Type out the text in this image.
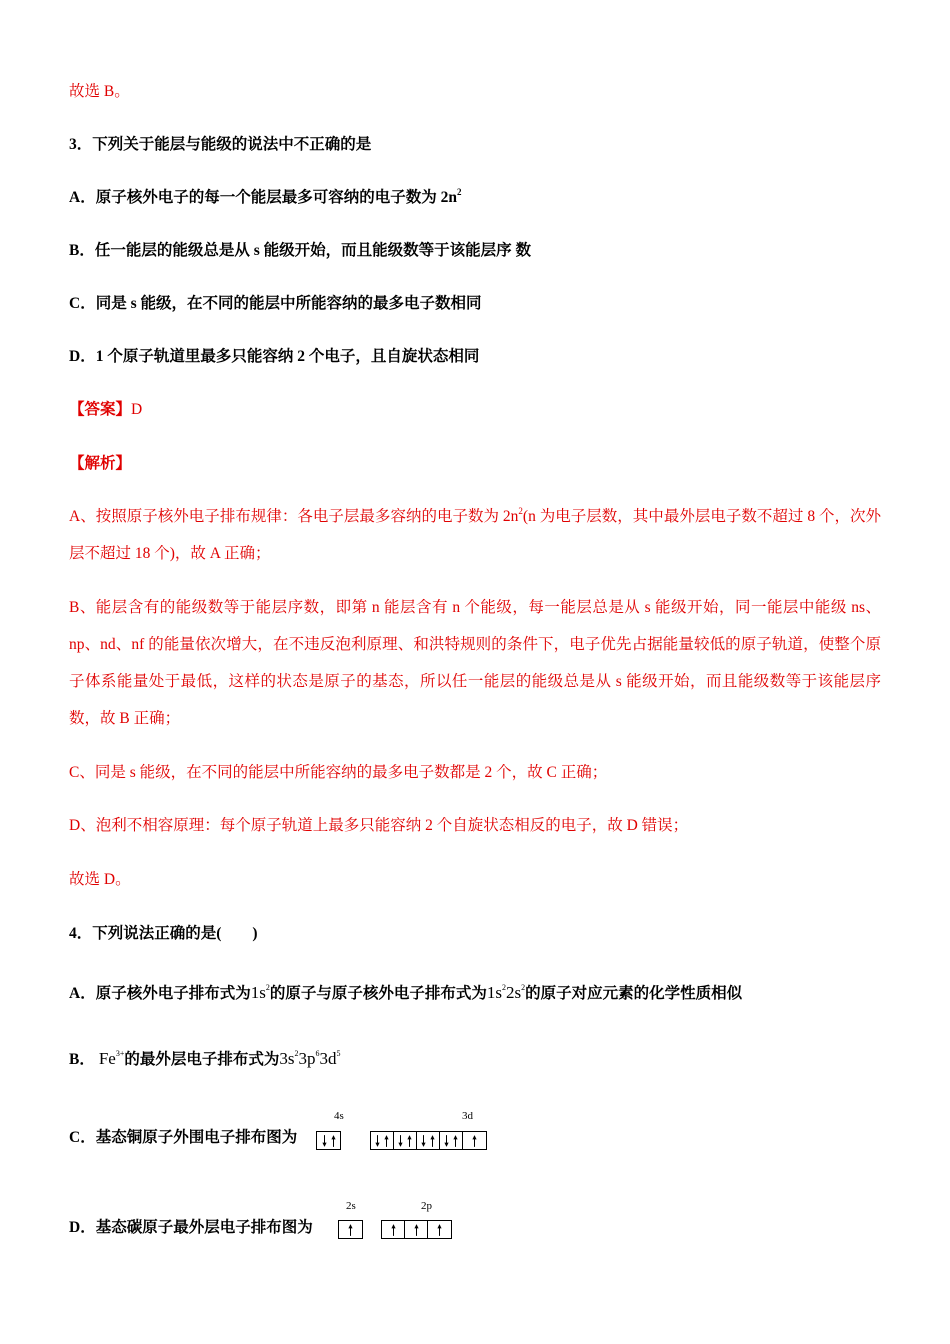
故选 B。
3．下列关于能层与能级的说法中不正确的是
A．原子核外电子的每一个能层最多可容纳的电子数为 $2n^2$
B．任一能层的能级总是从 s 能级开始，而且能级数等于该能层序 数
C．同是 s 能级，在不同的能层中所能容纳的最多电子数相同
D．1 个原子轨道里最多只能容纳 2 个电子，且自旋状态相同
【答案】D
【解析】
A、按照原子核外电子排布规律：各电子层最多容纳的电子数为 $2n^2(n$ 为电子层数，其中最外层电子数不超过 8 个，次外层不超过 18 个)，故 A 正确；
B、能层含有的能级数等于能层序数，即第 n 能层含有 n 个能级，每一能层总是从 s 能级开始，同一能层中能级 ns、np、nd、nf 的能量依次增大，在不违反泡利原理、和洪特规则的条件下，电子优先占据能量较低的原子轨道，使整个原子体系能量处于最低，这样的状态是原子的基态，所以任一能层的能级总是从 s 能级开始，而且能级数等于该能层序数，故 B 正确；
C、同是 s 能级，在不同的能层中所能容纳的最多电子数都是 2 个，故 C 正确；
D、泡利不相容原理：每个原子轨道上最多只能容纳 2 个自旋状态相反的电子，故 D 错误；
故选 D。
4．下列说法正确的是(　　)
A．原子核外电子排布式为$1s^2$的原子与原子核外电子排布式为$1s^22s^2$的原子对应元素的化学性质相似
B． $Fe^{3+}$的最外层电子排布式为$3s^23p^63d^5$
C．基态铜原子外围电子排布图为
4s	3d
D．基态碳原子最外层电子排布图为
2s	2p
